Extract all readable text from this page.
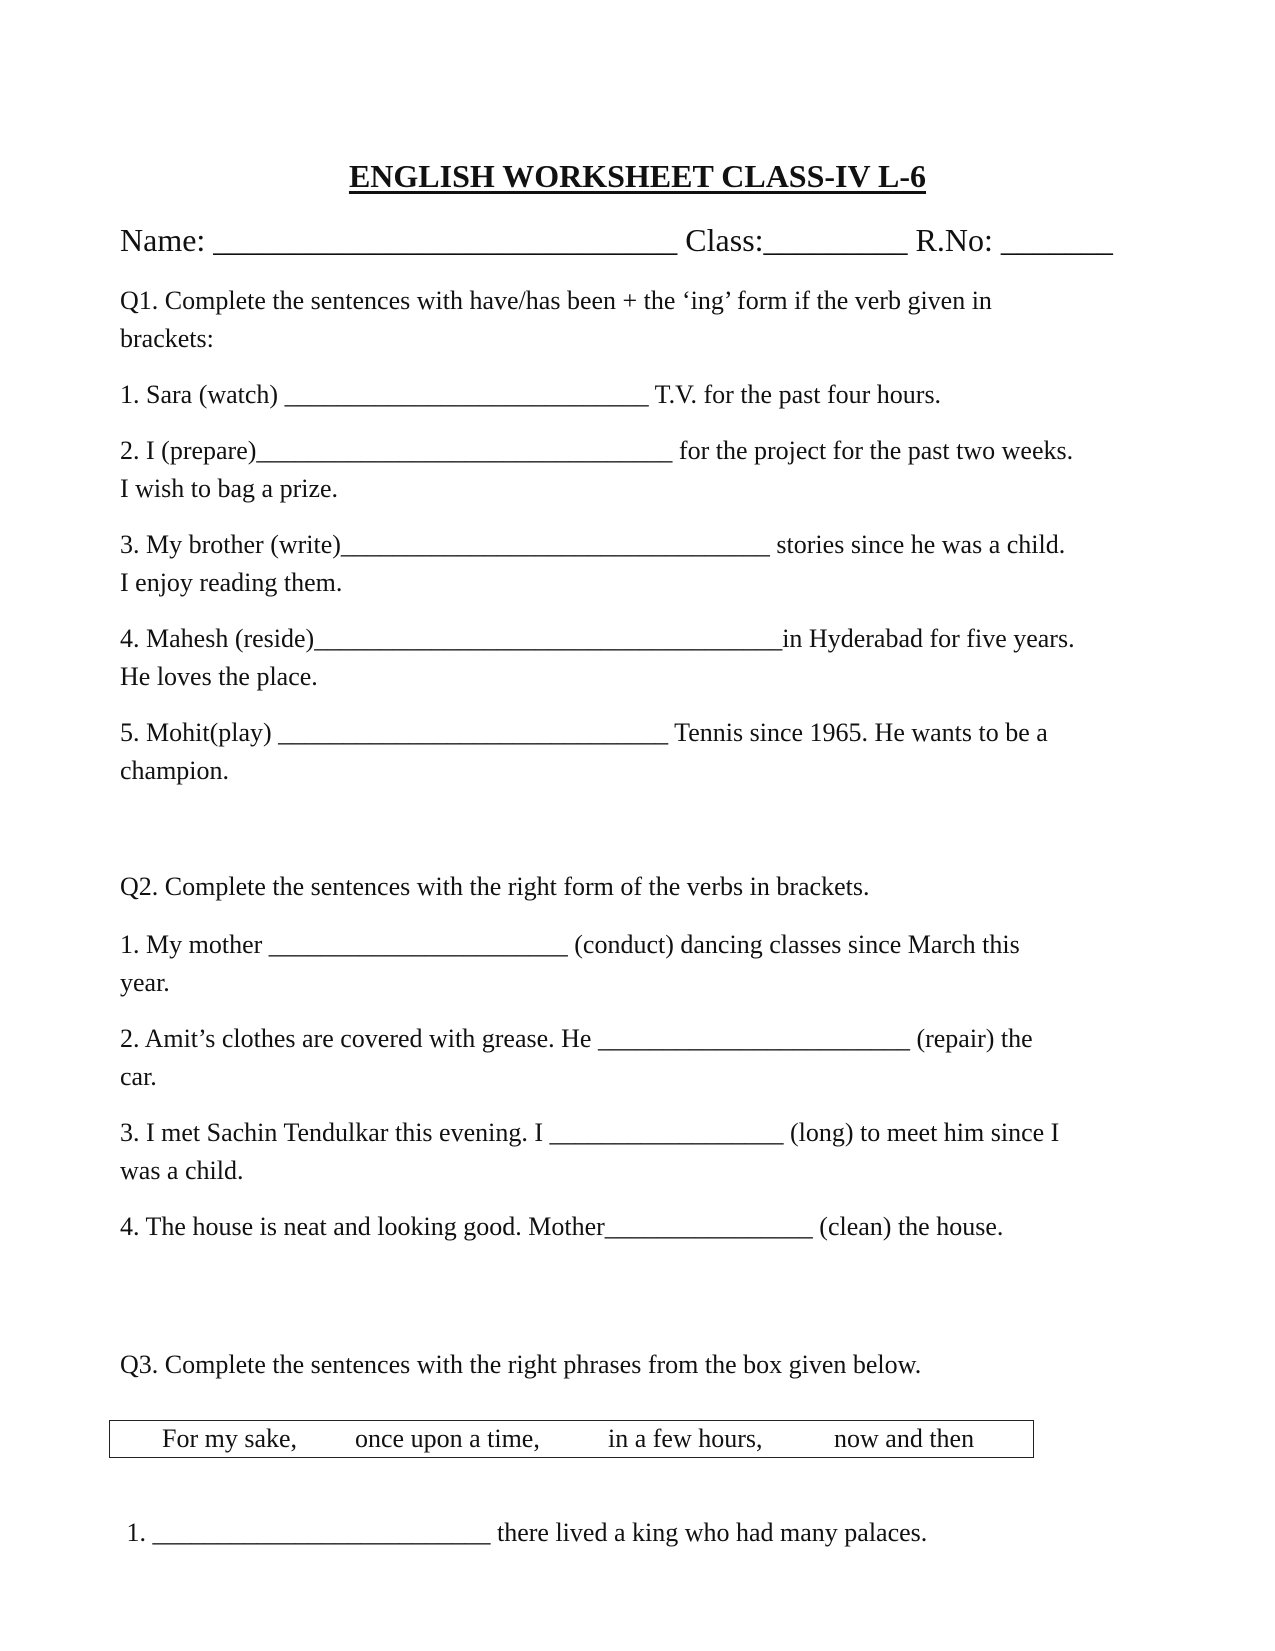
ENGLISH WORKSHEET CLASS-IV L-6
Name: _____________________________ Class:_________ R.No: _______
Q1. Complete the sentences with have/has been + the ‘ing’ form if the verb given in
brackets:
1. Sara (watch) ____________________________ T.V. for the past four hours.
2. I (prepare)________________________________ for the project for the past two weeks.
I wish to bag a prize.
3. My brother (write)_________________________________ stories since he was a child.
I enjoy reading them.
4. Mahesh (reside)____________________________________in Hyderabad for five years.
He loves the place.
5. Mohit(play) ______________________________ Tennis since 1965. He wants to be a
champion.
Q2. Complete the sentences with the right form of the verbs in brackets.
1. My mother _______________________ (conduct) dancing classes since March this
year.
2. Amit’s clothes are covered with grease. He ________________________ (repair) the
car.
3. I met Sachin Tendulkar this evening. I __________________ (long) to meet him since I
was a child.
4. The house is neat and looking good. Mother________________ (clean) the house.
Q3. Complete the sentences with the right phrases from the box given below.
For my sake, once upon a time,	in a few hours,	now and then
1. __________________________ there lived a king who had many palaces.
